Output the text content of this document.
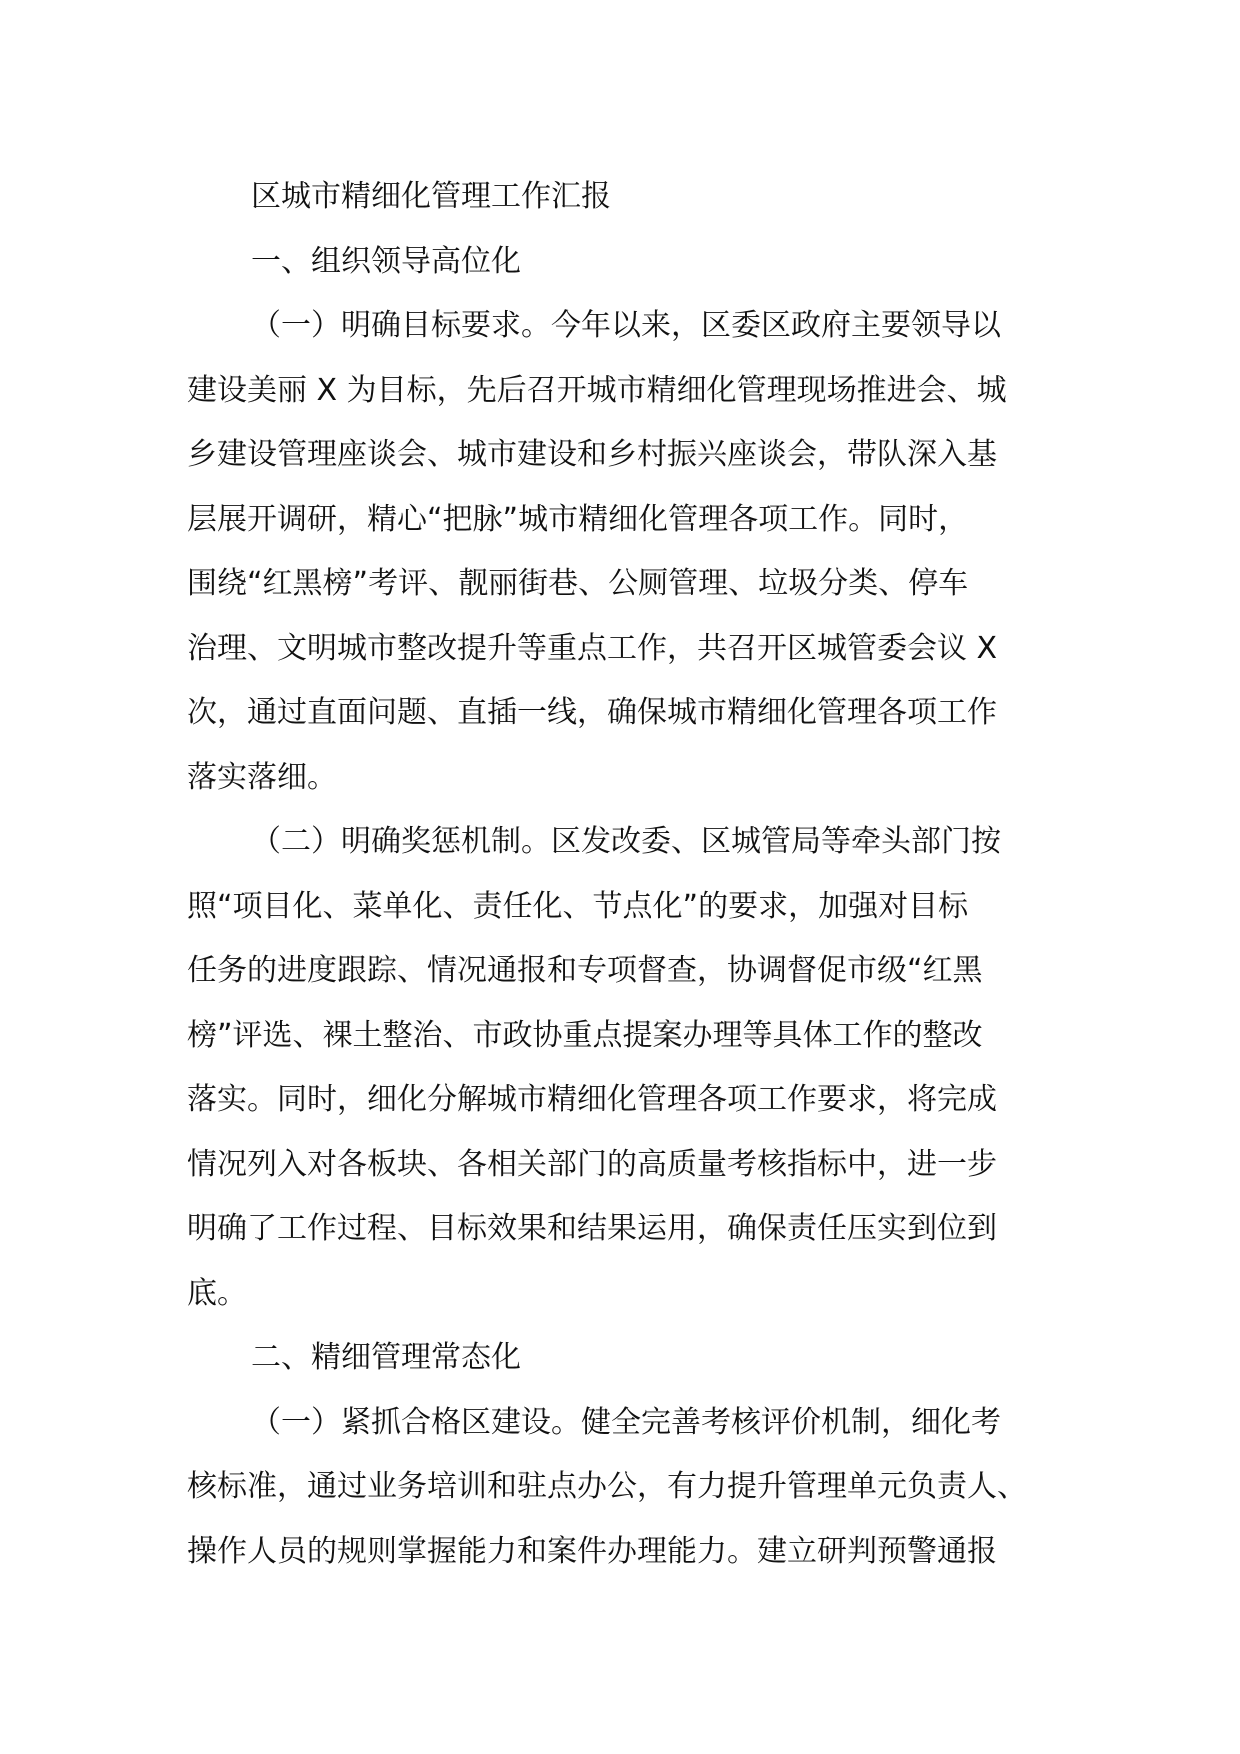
区城市精细化管理工作汇报
一、组织领导高位化
（一）明确目标要求。今年以来，区委区政府主要领导以
建设美丽 X 为目标，先后召开城市精细化管理现场推进会、城
乡建设管理座谈会、城市建设和乡村振兴座谈会，带队深入基
层展开调研，精心“把脉”城市精细化管理各项工作。同时，
围绕“红黑榜”考评、靓丽街巷、公厕管理、垃圾分类、停车
治理、文明城市整改提升等重点工作，共召开区城管委会议 X
次，通过直面问题、直插一线，确保城市精细化管理各项工作
落实落细。
（二）明确奖惩机制。区发改委、区城管局等牵头部门按
照“项目化、菜单化、责任化、节点化”的要求，加强对目标
任务的进度跟踪、情况通报和专项督查，协调督促市级“红黑
榜”评选、裸土整治、市政协重点提案办理等具体工作的整改
落实。同时，细化分解城市精细化管理各项工作要求，将完成
情况列入对各板块、各相关部门的高质量考核指标中，进一步
明确了工作过程、目标效果和结果运用，确保责任压实到位到
底。
二、精细管理常态化
（一）紧抓合格区建设。健全完善考核评价机制，细化考
核标准，通过业务培训和驻点办公，有力提升管理单元负责人、
操作人员的规则掌握能力和案件办理能力。建立研判预警通报
